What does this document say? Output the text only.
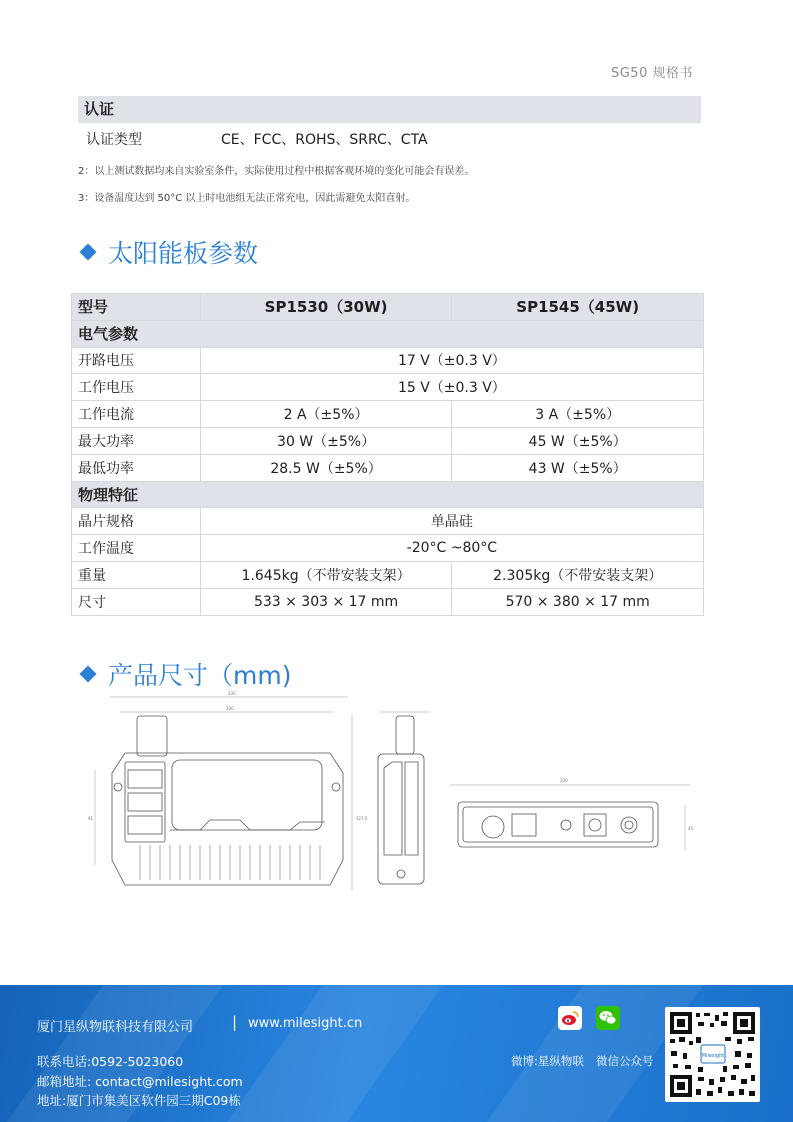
SG50 规格书
认证
认证类型	CE、FCC、ROHS、SRRC、CTA
2：以上测试数据均来自实验室条件，实际使用过程中根据客观环境的变化可能会有误差。
3：设备温度达到 50°C 以上时电池组无法正常充电，因此需避免太阳直射。
太阳能板参数
型号	SP1530（30W)	SP1545（45W)
电气参数		
开路电压	17 V（±0.3 V）	
工作电压	15 V（±0.3 V）	
工作电流	2 A（±5%）	3 A（±5%）
最大功率	30 W（±5%）	45 W（±5%）
最低功率	28.5 W（±5%）	43 W（±5%）
物理特征		
晶片规格	单晶硅	
工作温度	-20°C ~80°C	
重量	1.645kg（不带安装支架）	2.305kg（不带安装支架）
尺寸	533 × 303 × 17 mm	570 × 380 × 17 mm
产品尺寸（mm)
230
200
91	127.5
200
45
厦门星纵物联科技有限公司	| www.milesight.cn
联系电话:0592-5023060
邮箱地址: contact@milesight.com
地址:厦门市集美区软件园三期C09栋
微博:星纵物联 微信公众号	Milesight
